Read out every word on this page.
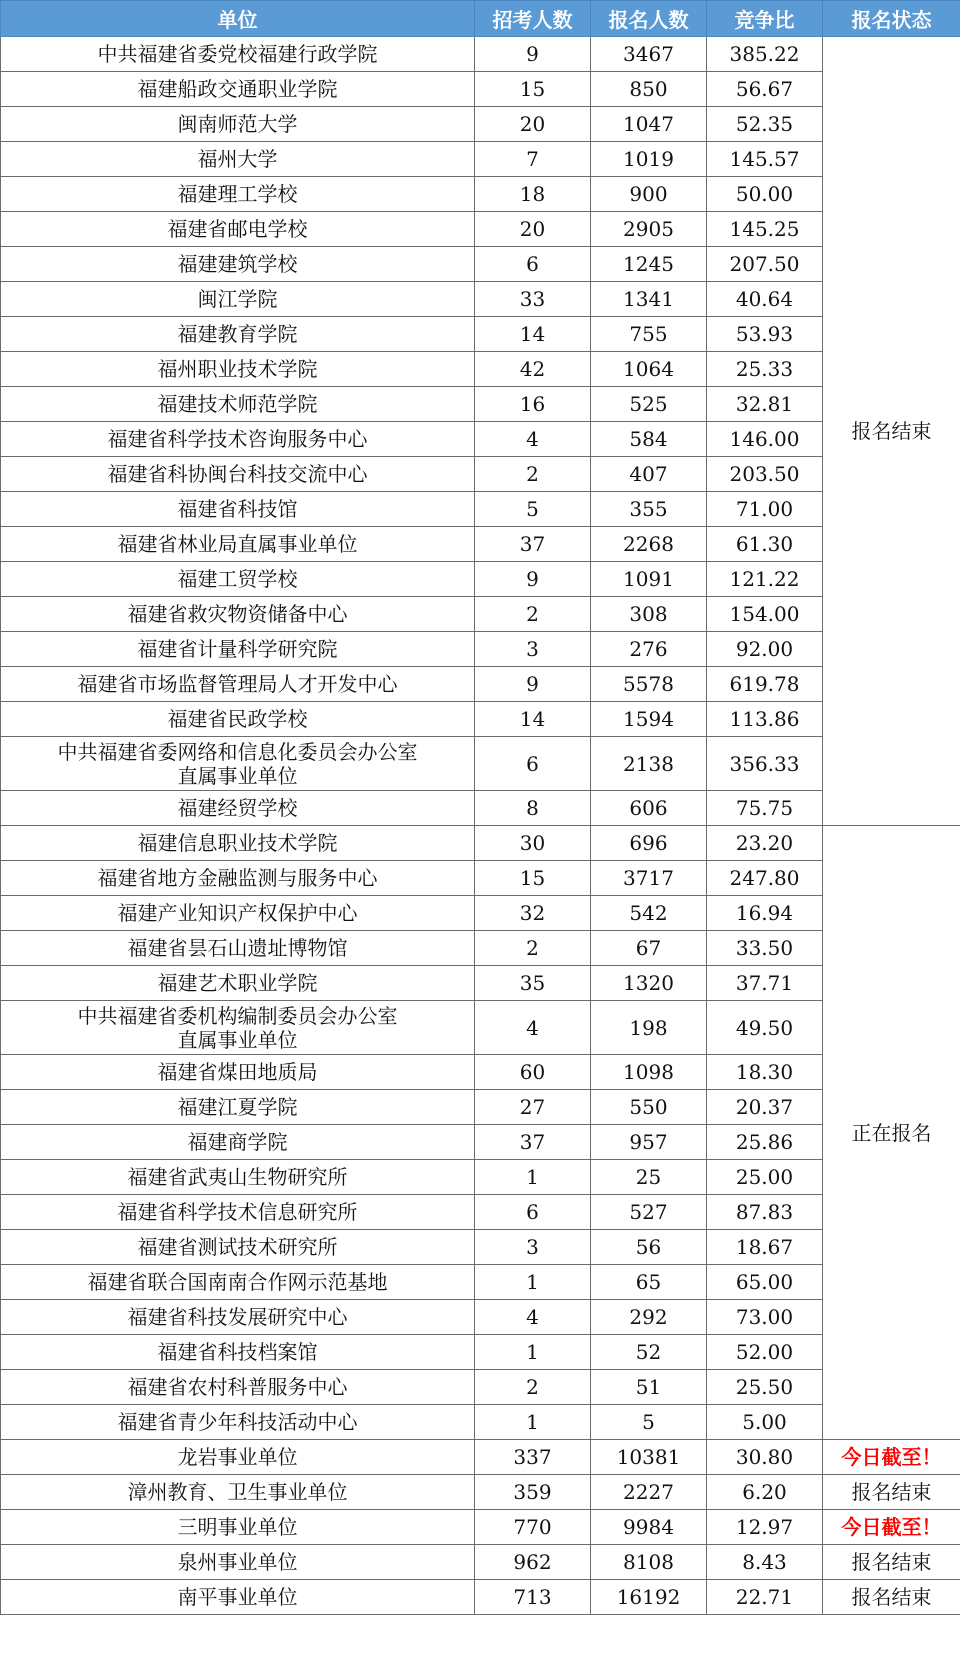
单位	招考人数	报名人数	竞争比	报名状态
中共福建省委党校福建行政学院	9	3467	385.22	报名结束
福建船政交通职业学院	15	850	56.67	
闽南师范大学	20	1047	52.35	
福州大学	7	1019	145.57	
福建理工学校	18	900	50.00	
福建省邮电学校	20	2905	145.25	
福建建筑学校	6	1245	207.50	
闽江学院	33	1341	40.64	
福建教育学院	14	755	53.93	
福州职业技术学院	42	1064	25.33	
福建技术师范学院	16	525	32.81	
福建省科学技术咨询服务中心	4	584	146.00	
福建省科协闽台科技交流中心	2	407	203.50	
福建省科技馆	5	355	71.00	
福建省林业局直属事业单位	37	2268	61.30	
福建工贸学校	9	1091	121.22	
福建省救灾物资储备中心	2	308	154.00	
福建省计量科学研究院	3	276	92.00	
福建省市场监督管理局人才开发中心	9	5578	619.78	
福建省民政学校	14	1594	113.86	
中共福建省委网络和信息化委员会办公室
直属事业单位	6	2138	356.33	
福建经贸学校	8	606	75.75	
福建信息职业技术学院	30	696	23.20	正在报名
福建省地方金融监测与服务中心	15	3717	247.80	
福建产业知识产权保护中心	32	542	16.94	
福建省昙石山遗址博物馆	2	67	33.50	
福建艺术职业学院	35	1320	37.71	
中共福建省委机构编制委员会办公室
直属事业单位	4	198	49.50	
福建省煤田地质局	60	1098	18.30	
福建江夏学院	27	550	20.37	
福建商学院	37	957	25.86	
福建省武夷山生物研究所	1	25	25.00	
福建省科学技术信息研究所	6	527	87.83	
福建省测试技术研究所	3	56	18.67	
福建省联合国南南合作网示范基地	1	65	65.00	
福建省科技发展研究中心	4	292	73.00	
福建省科技档案馆	1	52	52.00	
福建省农村科普服务中心	2	51	25.50	
福建省青少年科技活动中心	1	5	5.00	
龙岩事业单位	337	10381	30.80	今日截至！
漳州教育、卫生事业单位	359	2227	6.20	报名结束
三明事业单位	770	9984	12.97	今日截至！
泉州事业单位	962	8108	8.43	报名结束
南平事业单位	713	16192	22.71	报名结束
